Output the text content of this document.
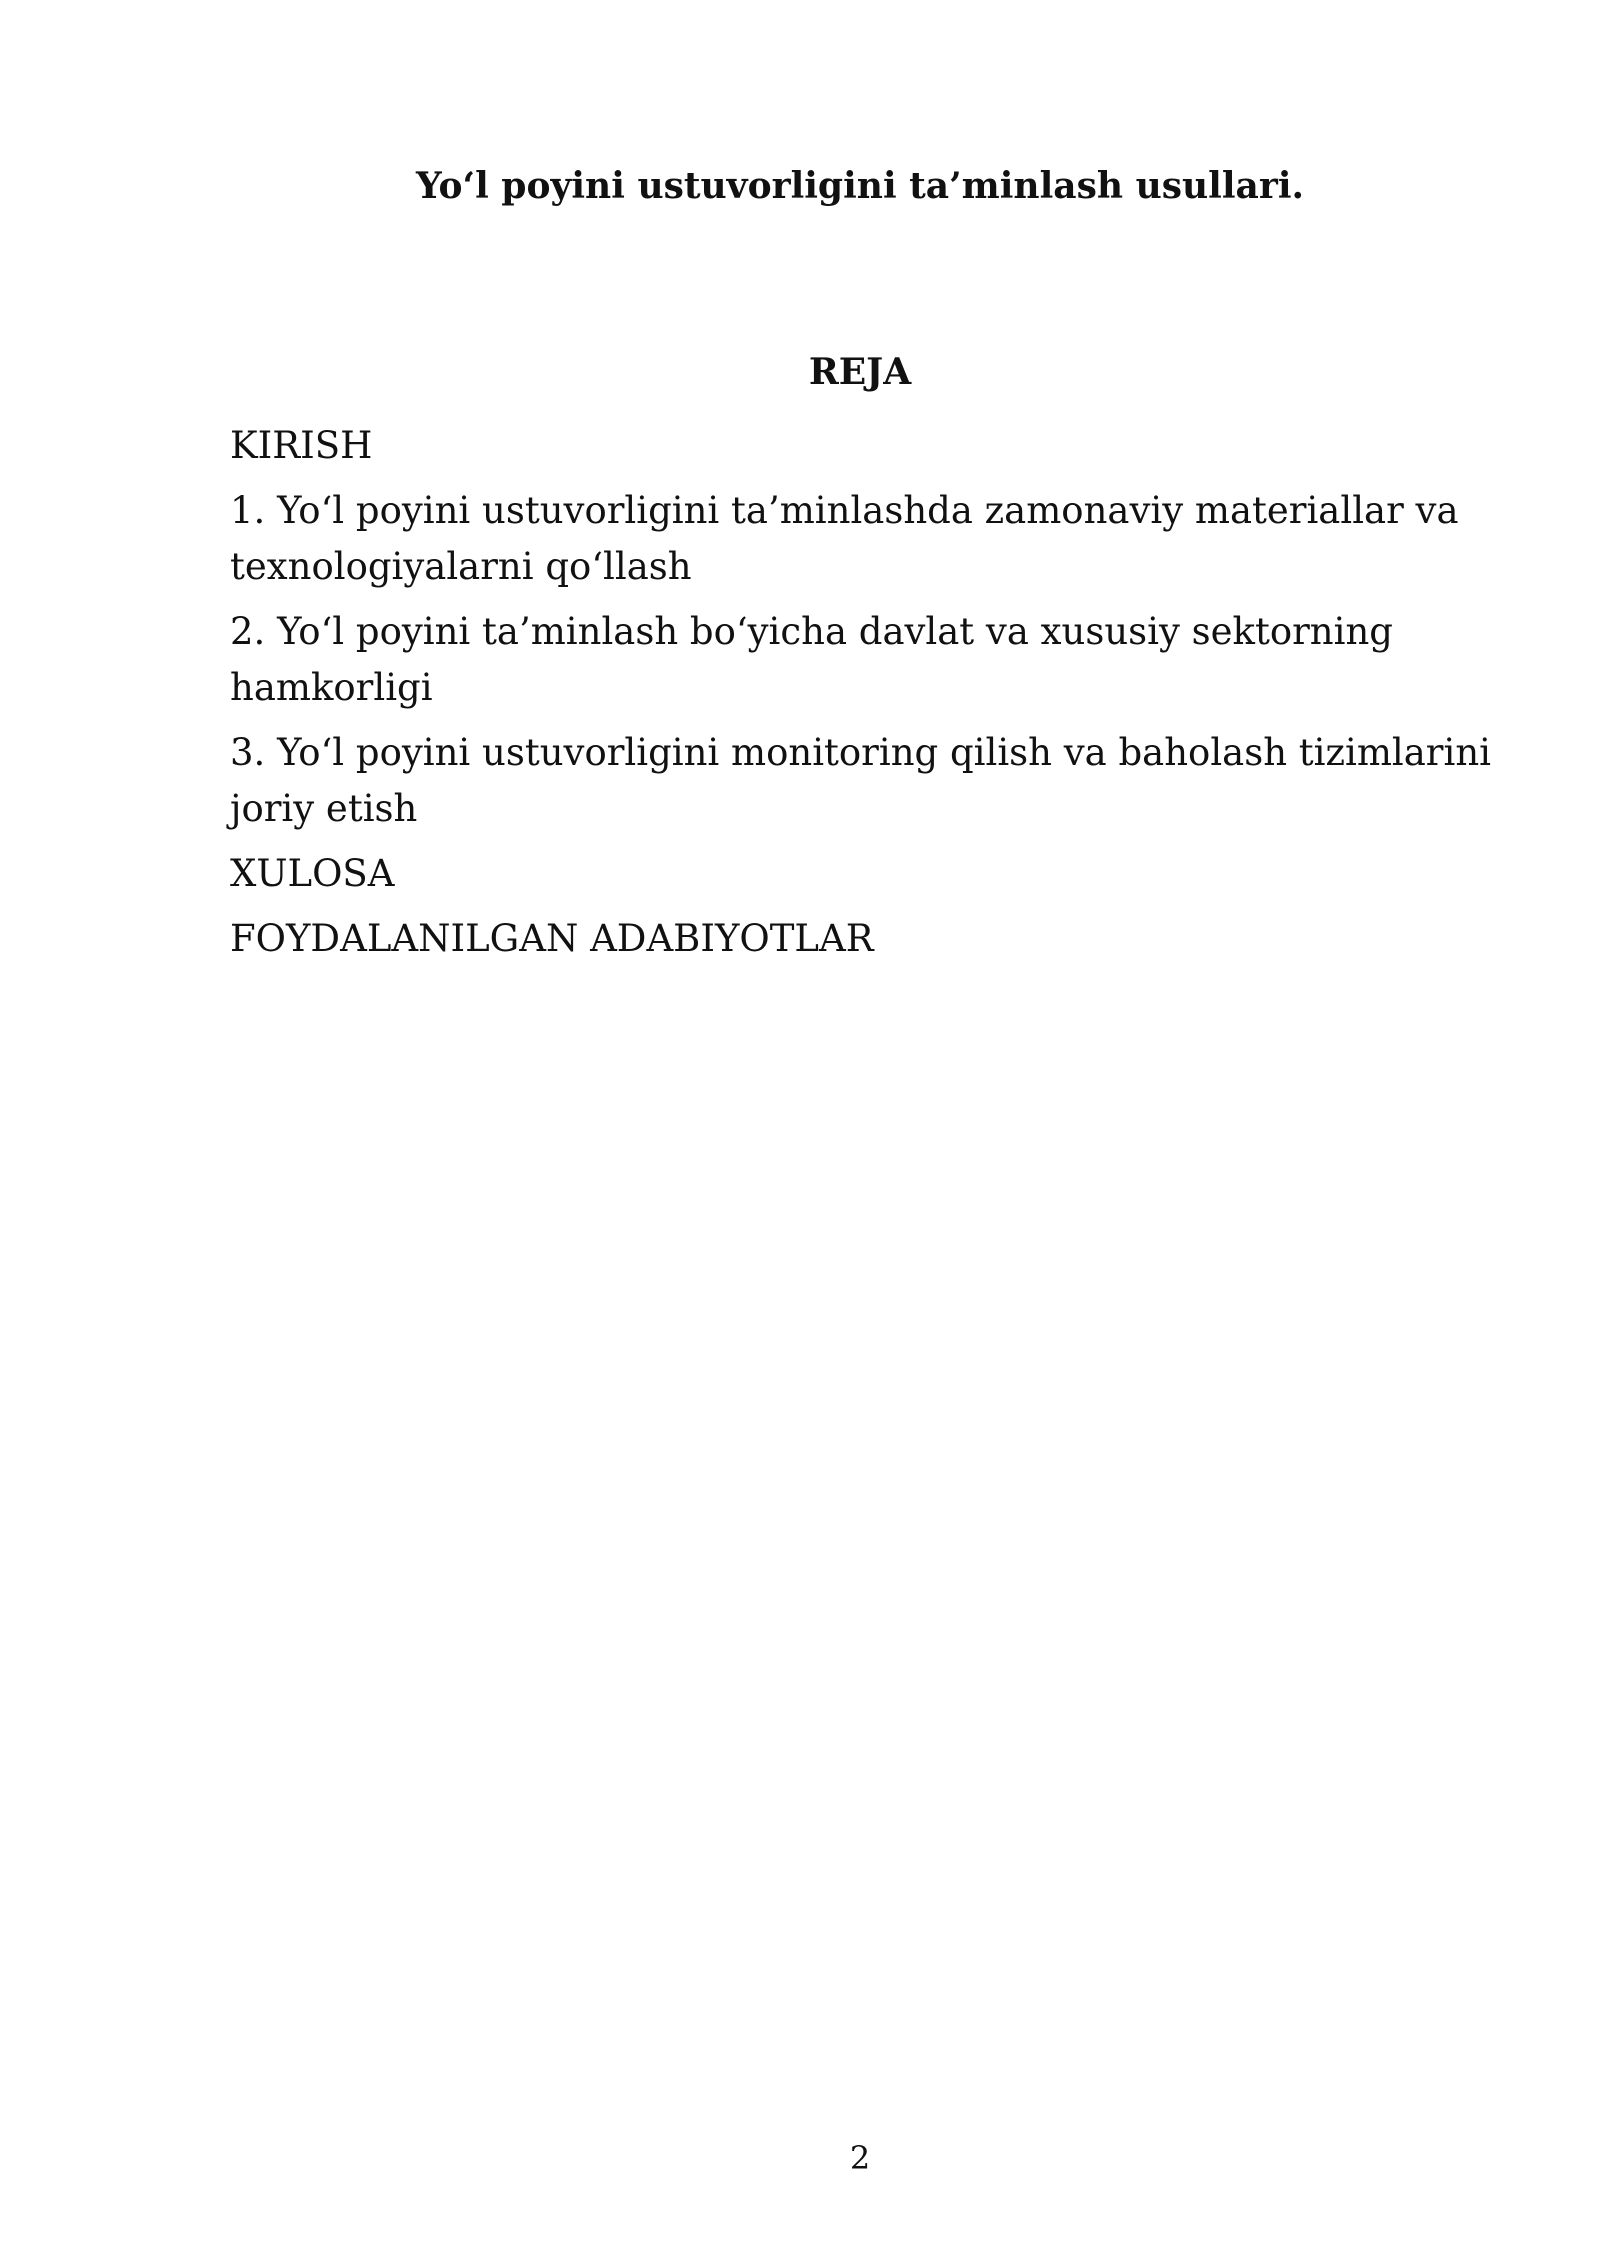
Yo‘l poyini ustuvorligini ta’minlash usullari.
REJA
KIRISH
1. Yo‘l poyini ustuvorligini ta’minlashda zamonaviy materiallar va texnologiyalarni qo‘llash
2. Yo‘l poyini ta’minlash bo‘yicha davlat va xususiy sektorning hamkorligi
3. Yo‘l poyini ustuvorligini monitoring qilish va baholash tizimlarini joriy etish
XULOSA
FOYDALANILGAN ADABIYOTLAR
2
